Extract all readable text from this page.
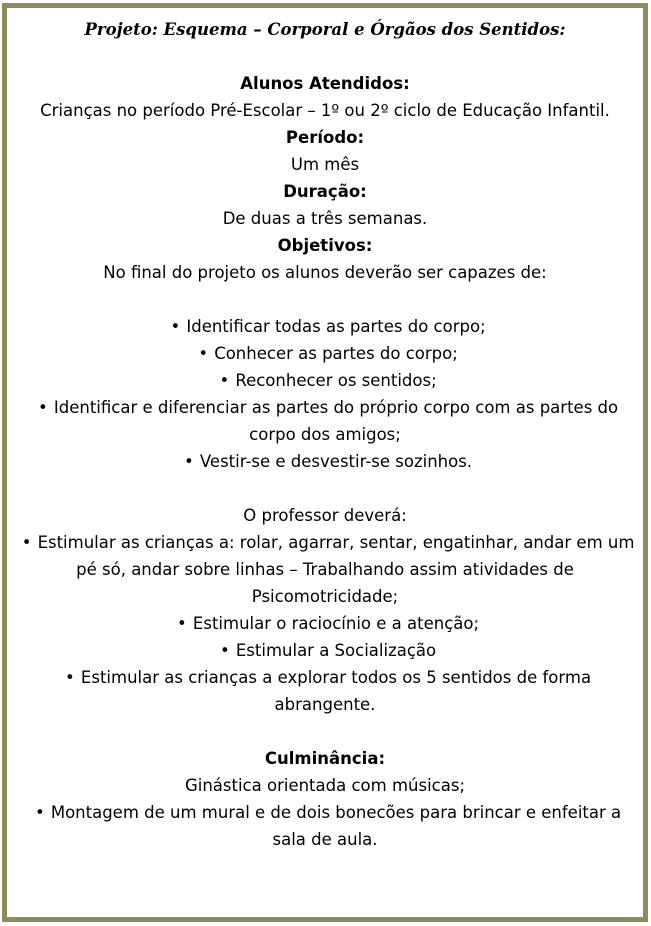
Projeto: Esquema – Corporal e Órgãos dos Sentidos:
Alunos Atendidos:
Crianças no período Pré-Escolar – 1º ou 2º ciclo de Educação Infantil.
Período:
Um mês
Duração:
De duas a três semanas.
Objetivos:
No final do projeto os alunos deverão ser capazes de:
• Identificar todas as partes do corpo;
• Conhecer as partes do corpo;
• Reconhecer os sentidos;
• Identificar e diferenciar as partes do próprio corpo com as partes do corpo dos amigos;
• Vestir-se e desvestir-se sozinhos.
O professor deverá:
• Estimular as crianças a: rolar, agarrar, sentar, engatinhar, andar em um pé só, andar sobre linhas – Trabalhando assim atividades de Psicomotricidade;
• Estimular o raciocínio e a atenção;
• Estimular a Socialização
• Estimular as crianças a explorar todos os 5 sentidos de forma abrangente.
Culminância:
Ginástica orientada com músicas;
• Montagem de um mural e de dois bonecões para brincar e enfeitar a sala de aula.
